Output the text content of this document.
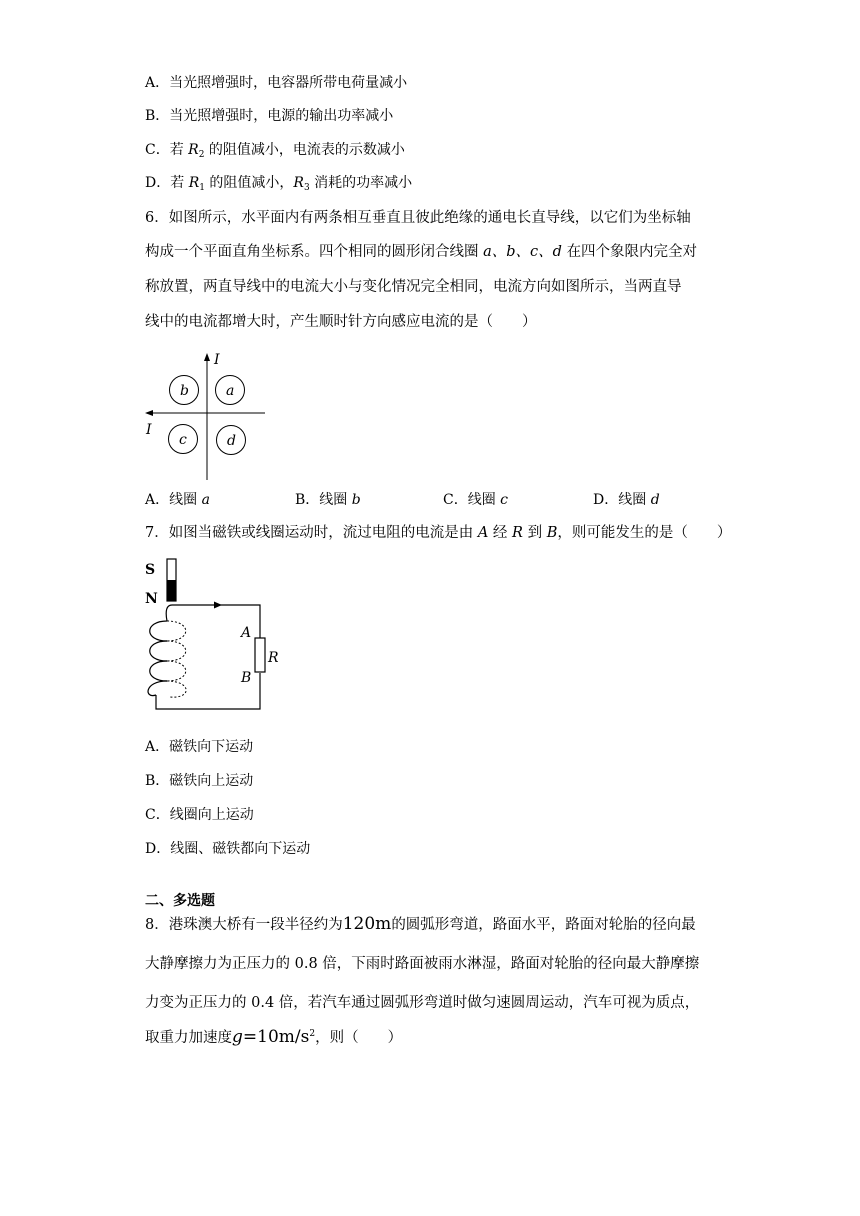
A．当光照增强时，电容器所带电荷量减小
B．当光照增强时，电源的输出功率减小
C．若 $R_2$ 的阻值减小，电流表的示数减小
D．若 $R_1$ 的阻值减小，$R_3$ 消耗的功率减小
6．如图所示，水平面内有两条相互垂直且彼此绝缘的通电长直导线，以它们为坐标轴
构成一个平面直角坐标系。四个相同的圆形闭合线圈 a、b、c、d 在四个象限内完全对
称放置，两直导线中的电流大小与变化情况完全相同，电流方向如图所示，当两直导
线中的电流都增大时，产生顺时针方向感应电流的是（　　）
I
I
a
b
c	d
A．线圈 a	B．线圈 b	C．线圈 c	D．线圈 d
7．如图当磁铁或线圈运动时，流过电阻的电流是由 A 经 R 到 B，则可能发生的是（　　）
S
N
A
R
B
A．磁铁向下运动
B．磁铁向上运动
C．线圈向上运动
D．线圈、磁铁都向下运动
二、多选题
8．港珠澳大桥有一段半径约为120m的圆弧形弯道，路面水平，路面对轮胎的径向最
大静摩擦力为正压力的 0.8 倍，下雨时路面被雨水淋湿，路面对轮胎的径向最大静摩擦
力变为正压力的 0.4 倍，若汽车通过圆弧形弯道时做匀速圆周运动，汽车可视为质点，
取重力加速度$g=10m/s^2$，则（　　）
